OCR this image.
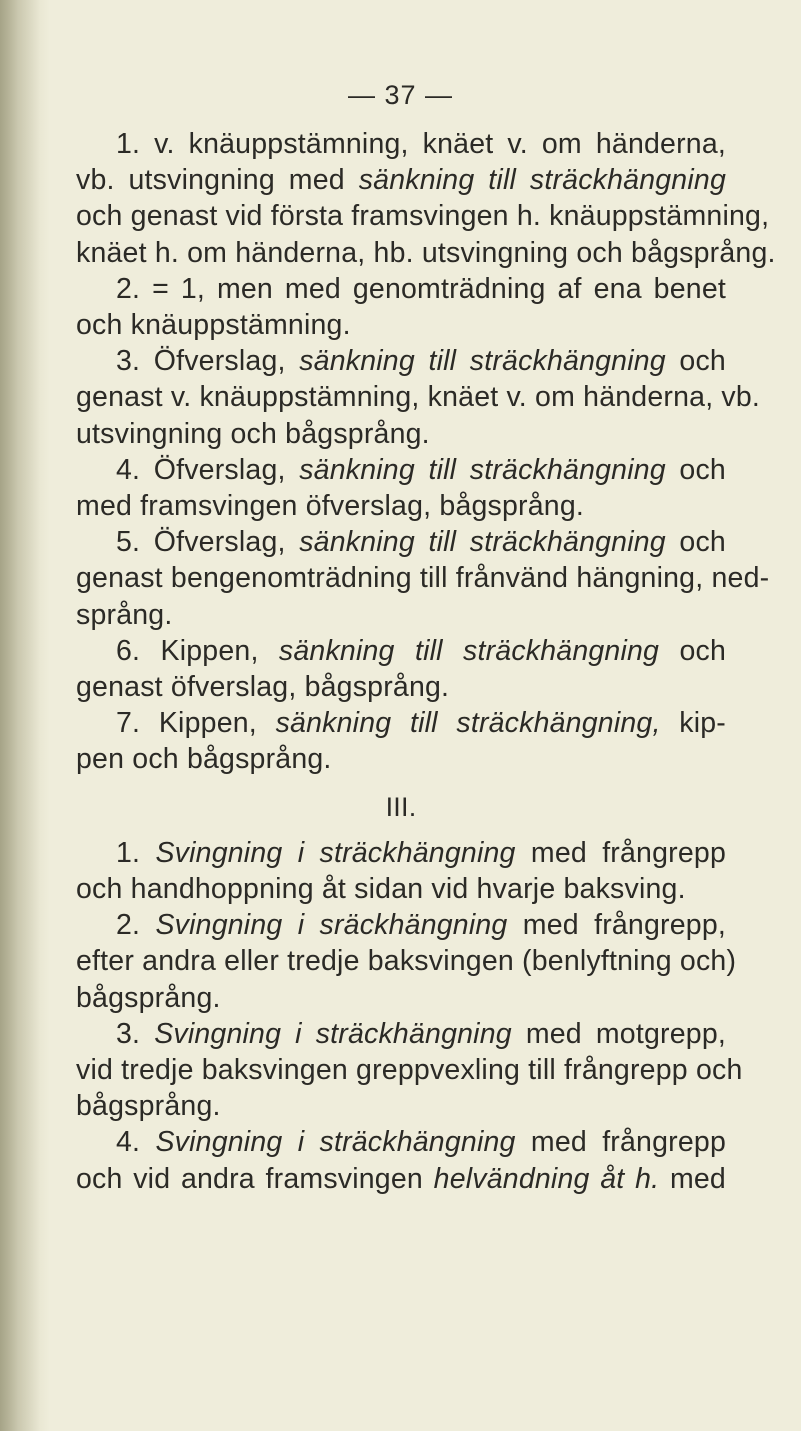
— 37 —
1. v. knäuppstämning, knäet v. om händerna,
vb. utsvingning med sänkning till sträckhängning
och genast vid första framsvingen h. knäuppstämning,
knäet h. om händerna, hb. utsvingning och bågsprång.
2. = 1, men med genomträdning af ena benet
och knäuppstämning.
3. Öfverslag, sänkning till sträckhängning och
genast v. knäuppstämning, knäet v. om händerna, vb.
utsvingning och bågsprång.
4. Öfverslag, sänkning till sträckhängning och
med framsvingen öfverslag, bågsprång.
5. Öfverslag, sänkning till sträckhängning och
genast bengenomträdning till frånvänd hängning, ned-
språng.
6. Kippen, sänkning till sträckhängning och
genast öfverslag, bågsprång.
7. Kippen, sänkning till sträckhängning, kip-
pen och bågsprång.
III.
1. Svingning i sträckhängning med frångrepp
och handhoppning åt sidan vid hvarje baksving.
2. Svingning i sräckhängning med frångrepp,
efter andra eller tredje baksvingen (benlyftning och)
bågsprång.
3. Svingning i sträckhängning med motgrepp,
vid tredje baksvingen greppvexling till frångrepp och
bågsprång.
4. Svingning i sträckhängning med frångrepp
och vid andra framsvingen helvändning åt h. med
